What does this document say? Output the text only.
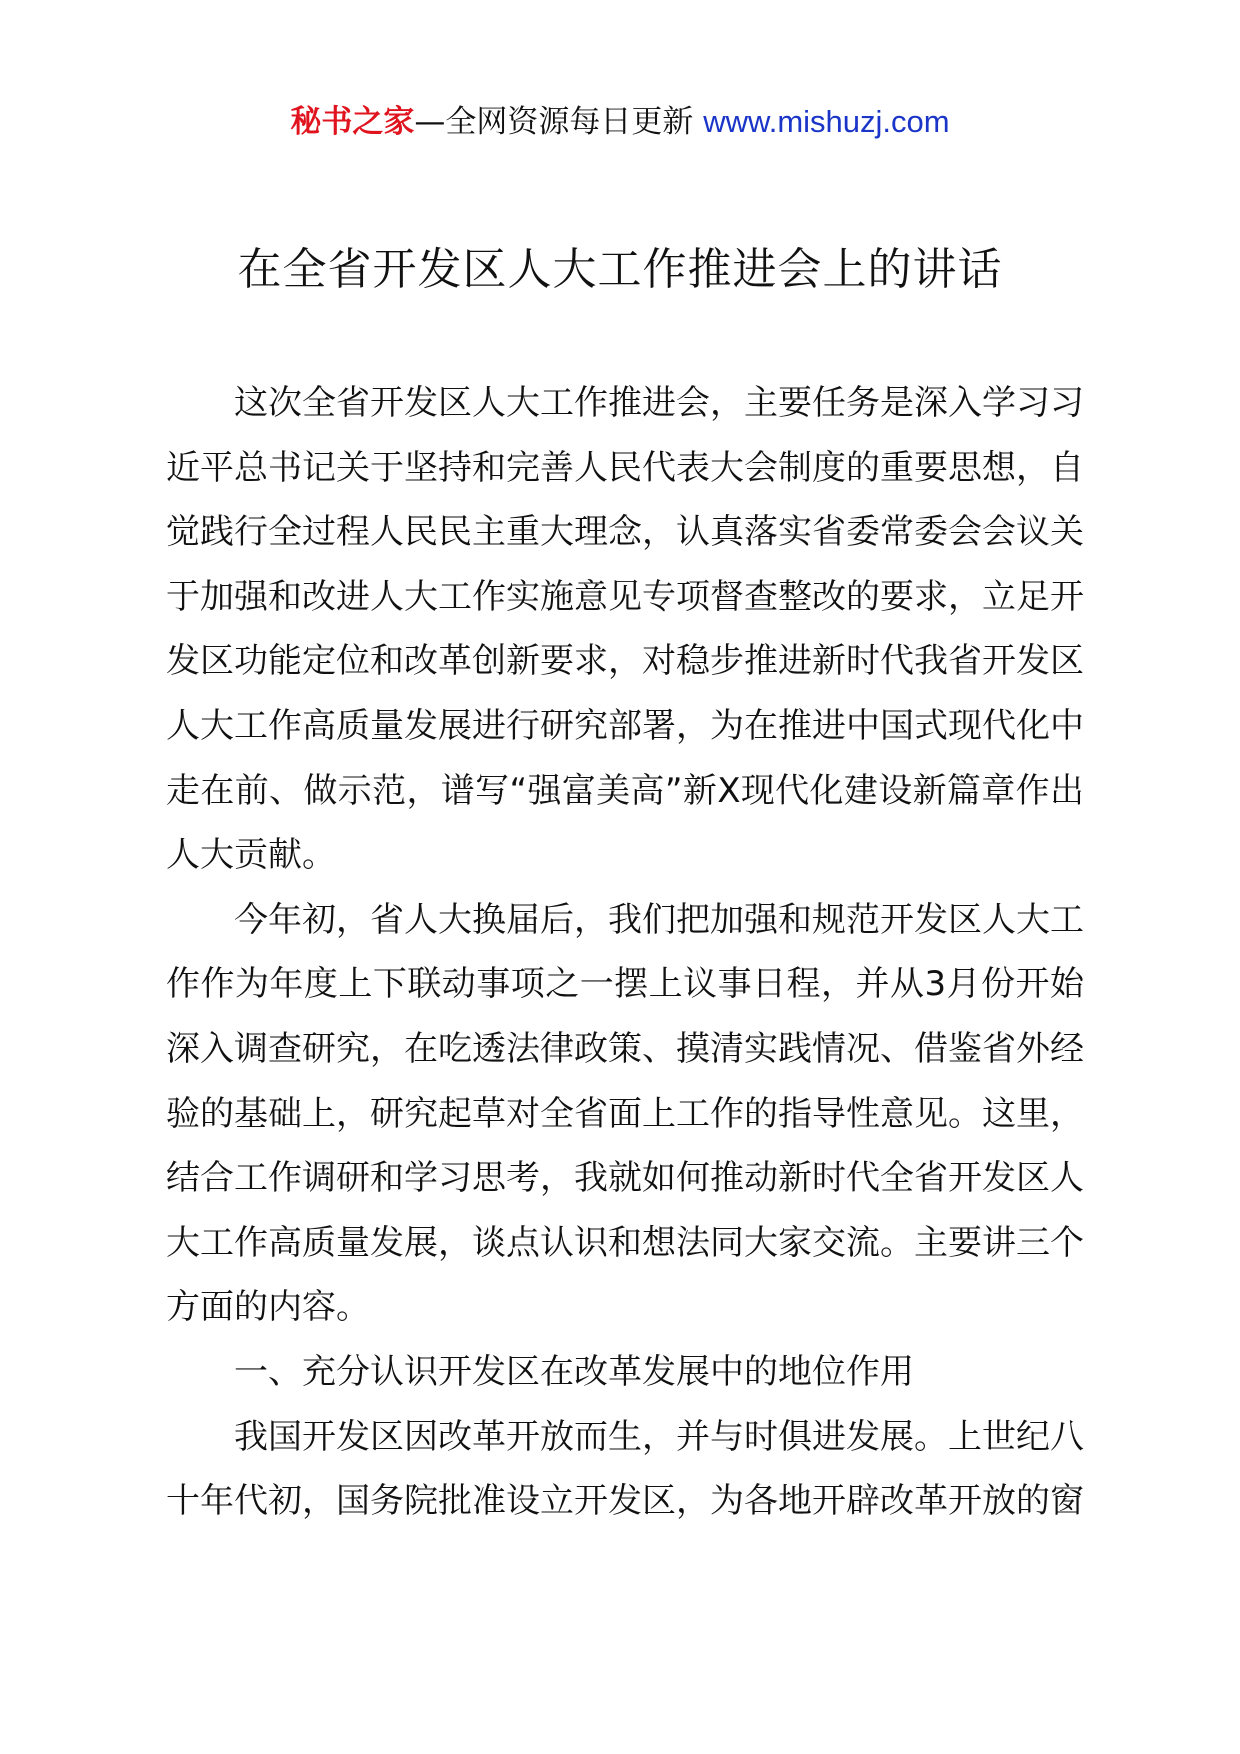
秘书之家—全网资源每日更新 www.mishuzj.com
在全省开发区人大工作推进会上的讲话

这次全省开发区人大工作推进会，主要任务是深入学习习近平总书记关于坚持和完善人民代表大会制度的重要思想，自觉践行全过程人民民主重大理念，认真落实省委常委会会议关于加强和改进人大工作实施意见专项督查整改的要求，立足开发区功能定位和改革创新要求，对稳步推进新时代我省开发区人大工作高质量发展进行研究部署，为在推进中国式现代化中走在前、做示范，谱写“强富美高”新X现代化建设新篇章作出人大贡献。

今年初，省人大换届后，我们把加强和规范开发区人大工作作为年度上下联动事项之一摆上议事日程，并从3月份开始深入调查研究，在吃透法律政策、摸清实践情况、借鉴省外经验的基础上，研究起草对全省面上工作的指导性意见。这里，结合工作调研和学习思考，我就如何推动新时代全省开发区人大工作高质量发展，谈点认识和想法同大家交流。主要讲三个方面的内容。

一、充分认识开发区在改革发展中的地位作用

我国开发区因改革开放而生，并与时俱进发展。上世纪八十年代初，国务院批准设立开发区，为各地开辟改革开放的窗
